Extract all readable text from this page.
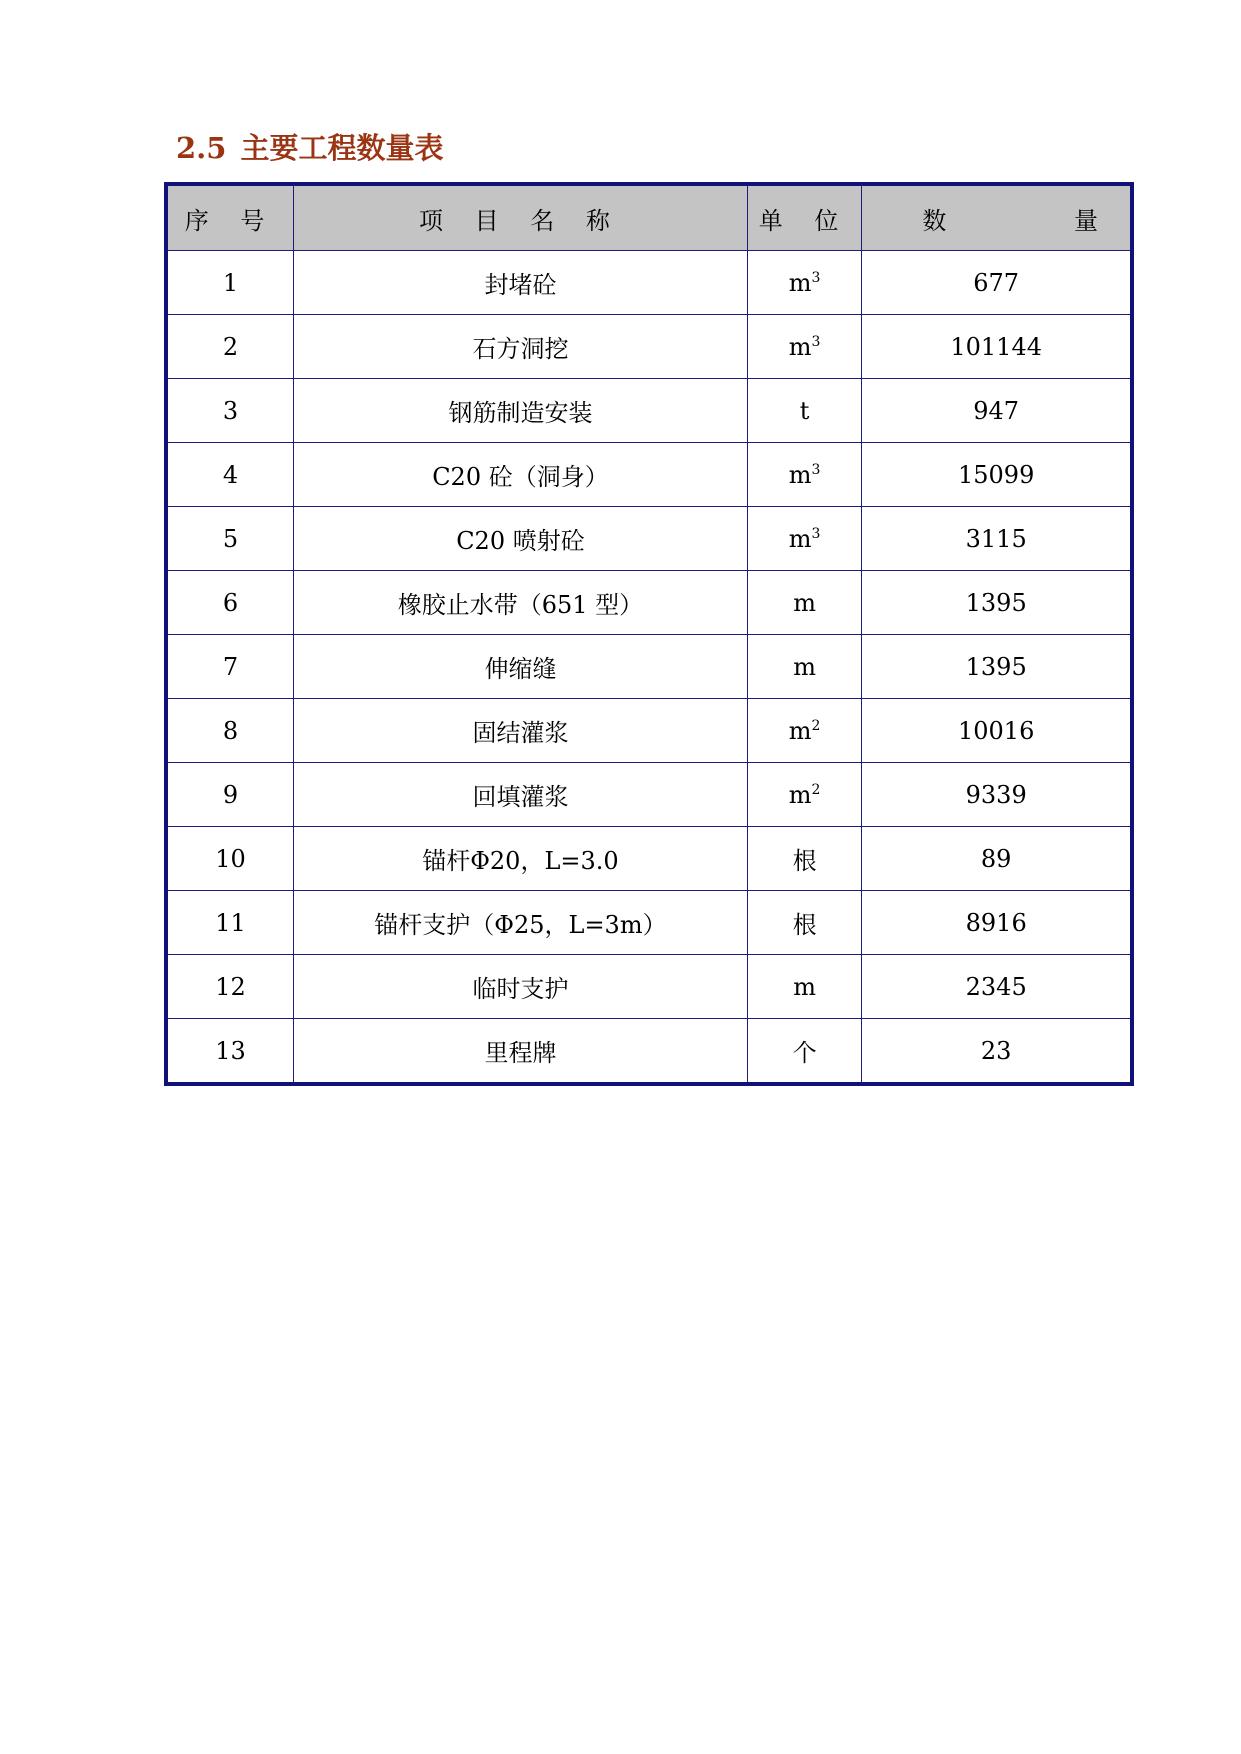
2.5 主要工程数量表
序 号	项 目 名 称	单 位	数 量
1	封堵砼	$m^3$	677
2	石方洞挖	$m^3$	101144
3	钢筋制造安装	t	947
4	C20 砼（洞身）	$m^3$	15099
5	C20 喷射砼	$m^3$	3115
6	橡胶止水带（651 型）	m	1395
7	伸缩缝	m	1395
8	固结灌浆	$m^2$	10016
9	回填灌浆	$m^2$	9339
10	锚杆Φ20，L=3.0	根	89
11	锚杆支护（Φ25，L=3m）	根	8916
12	临时支护	m	2345
13	里程牌	个	23
